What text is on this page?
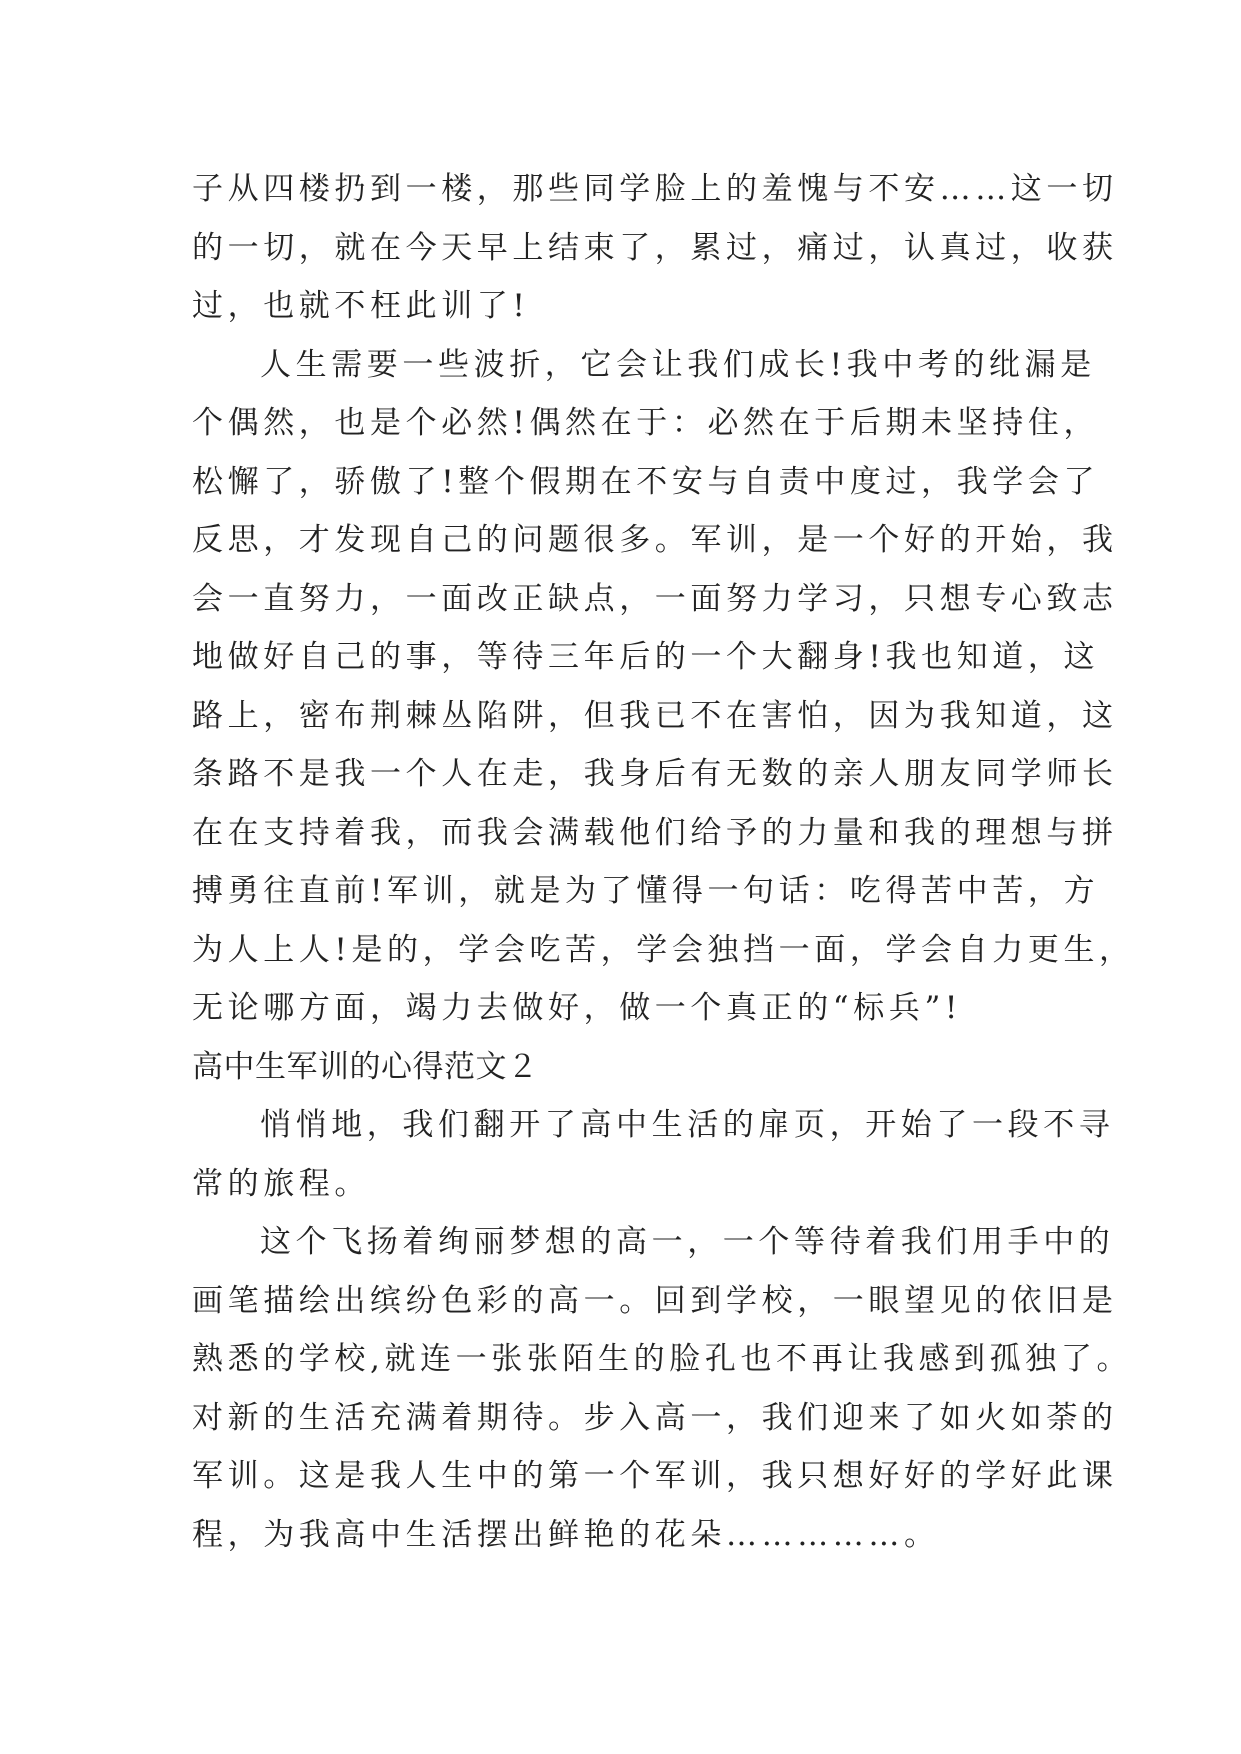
子从四楼扔到一楼，那些同学脸上的羞愧与不安……这一切
的一切，就在今天早上结束了，累过，痛过，认真过，收获
过，也就不枉此训了!
人生需要一些波折，它会让我们成长!我中考的纰漏是
个偶然，也是个必然!偶然在于：必然在于后期未坚持住，
松懈了，骄傲了!整个假期在不安与自责中度过，我学会了
反思，才发现自己的问题很多。军训，是一个好的开始，我
会一直努力，一面改正缺点，一面努力学习，只想专心致志
地做好自己的事，等待三年后的一个大翻身!我也知道，这
路上，密布荆棘丛陷阱，但我已不在害怕，因为我知道，这
条路不是我一个人在走，我身后有无数的亲人朋友同学师长
在在支持着我，而我会满载他们给予的力量和我的理想与拼
搏勇往直前!军训，就是为了懂得一句话：吃得苦中苦，方
为人上人!是的，学会吃苦，学会独挡一面，学会自力更生，
无论哪方面，竭力去做好，做一个真正的“标兵”!
高中生军训的心得范文２
悄悄地，我们翻开了高中生活的扉页，开始了一段不寻
常的旅程。
这个飞扬着绚丽梦想的高一，一个等待着我们用手中的
画笔描绘出缤纷色彩的高一。回到学校，一眼望见的依旧是
熟悉的学校,就连一张张陌生的脸孔也不再让我感到孤独了。
对新的生活充满着期待。步入高一，我们迎来了如火如荼的
军训。这是我人生中的第一个军训，我只想好好的学好此课
程，为我高中生活摆出鲜艳的花朵……………。
